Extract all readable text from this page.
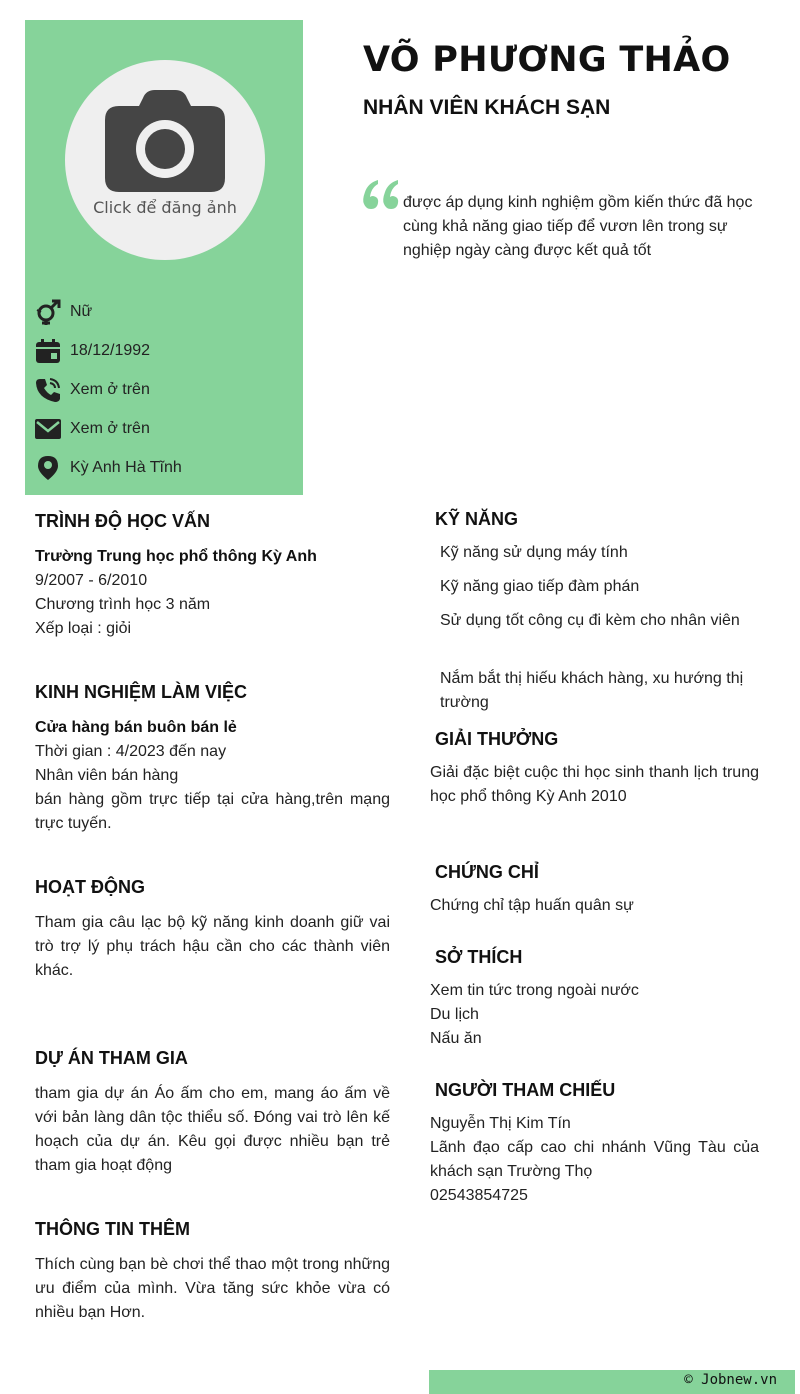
Click để đăng ảnh
Nữ
18/12/1992
Xem ở trên
Xem ở trên
Kỳ Anh Hà Tĩnh
VÕ PHƯƠNG THẢO
NHÂN VIÊN KHÁCH SẠN
được áp dụng kinh nghiệm gồm kiến thức đã học cùng khả năng giao tiếp để vươn lên trong sự nghiệp ngày càng được kết quả tốt
TRÌNH ĐỘ HỌC VẤN
Trường Trung học phổ thông Kỳ Anh
9/2007 - 6/2010
Chương trình học 3 năm
Xếp loại : giỏi
KINH NGHIỆM LÀM VIỆC
Cửa hàng bán buôn bán lẻ
Thời gian : 4/2023 đến nay
Nhân viên bán hàng
bán hàng gồm trực tiếp tại cửa hàng,trên mạng trực tuyến.
HOẠT ĐỘNG
Tham gia câu lạc bộ kỹ năng kinh doanh giữ vai trò trợ lý phụ trách hậu cần cho các thành viên khác.
DỰ ÁN THAM GIA
tham gia dự án Áo ấm cho em, mang áo ấm về với bản làng dân tộc thiểu số. Đóng vai trò lên kế hoạch của dự án. Kêu gọi được nhiều bạn trẻ tham gia hoạt động
THÔNG TIN THÊM
Thích cùng bạn bè chơi thể thao một trong những ưu điểm của mình. Vừa tăng sức khỏe vừa có nhiều bạn Hơn.
KỸ NĂNG
Kỹ năng sử dụng máy tính
Kỹ năng giao tiếp đàm phán
Sử dụng tốt công cụ đi kèm cho nhân viên
Nắm bắt thị hiếu khách hàng, xu hướng thị trường
GIẢI THƯỞNG
Giải đặc biệt cuộc thi học sinh thanh lịch trung học phổ thông Kỳ Anh 2010
CHỨNG CHỈ
Chứng chỉ tập huấn quân sự
SỞ THÍCH
Xem tin tức trong ngoài nước
Du lịch
Nấu ăn
NGƯỜI THAM CHIẾU
Nguyễn Thị Kim Tín
Lãnh đạo cấp cao chi nhánh Vũng Tàu của khách sạn Trường Thọ
02543854725
© Jobnew.vn
